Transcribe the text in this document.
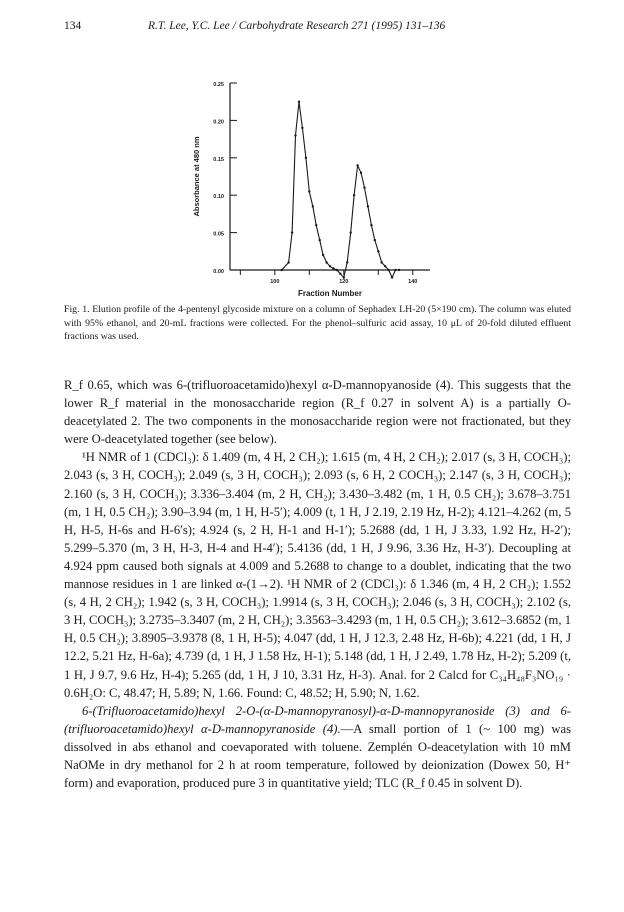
134	R.T. Lee, Y.C. Lee / Carbohydrate Research 271 (1995) 131–136
0.00
0.05
0.10
0.15
0.20
0.25
100	120	140
Absorbance at 480 nm
Fraction Number
Fig. 1. Elution profile of the 4-pentenyl glycoside mixture on a column of Sephadex LH-20 (5×190 cm). The column was eluted with 95% ethanol, and 20-mL fractions were collected. For the phenol–sulfuric acid assay, 10 μL of 20-fold diluted effluent fractions was used.

R_f 0.65, which was 6-(trifluoroacetamido)hexyl α-D-mannopyanoside (4). This suggests that the lower R_f material in the monosaccharide region (R_f 0.27 in solvent A) is a partially O-deacetylated 2. The two components in the monosaccharide region were not fractionated, but they were O-deacetylated together (see below).

¹H NMR of 1 (CDCl₃): δ 1.409 (m, 4 H, 2 CH₂); 1.615 (m, 4 H, 2 CH₂); 2.017 (s, 3 H, COCH₃); 2.043 (s, 3 H, COCH₃); 2.049 (s, 3 H, COCH₃); 2.093 (s, 6 H, 2 COCH₃); 2.147 (s, 3 H, COCH₃); 2.160 (s, 3 H, COCH₃); 3.336–3.404 (m, 2 H, CH₂); 3.430–3.482 (m, 1 H, 0.5 CH₂); 3.678–3.751 (m, 1 H, 0.5 CH₂); 3.90–3.94 (m, 1 H, H-5′); 4.009 (t, 1 H, J 2.19, 2.19 Hz, H-2); 4.121–4.262 (m, 5 H, H-5, H-6s and H-6′s); 4.924 (s, 2 H, H-1 and H-1′); 5.2688 (dd, 1 H, J 3.33, 1.92 Hz, H-2′); 5.299–5.370 (m, 3 H, H-3, H-4 and H-4′); 5.4136 (dd, 1 H, J 9.96, 3.36 Hz, H-3′). Decoupling at 4.924 ppm caused both signals at 4.009 and 5.2688 to change to a doublet, indicating that the two mannose residues in 1 are linked α-(1→2). ¹H NMR of 2 (CDCl₃): δ 1.346 (m, 4 H, 2 CH₂); 1.552 (s, 4 H, 2 CH₂); 1.942 (s, 3 H, COCH₃); 1.9914 (s, 3 H, COCH₃); 2.046 (s, 3 H, COCH₃); 2.102 (s, 3 H, COCH₃); 3.2735–3.3407 (m, 2 H, CH₂); 3.3563–3.4293 (m, 1 H, 0.5 CH₂); 3.612–3.6852 (m, 1 H, 0.5 CH₂); 3.8905–3.9378 (8, 1 H, H-5); 4.047 (dd, 1 H, J 12.3, 2.48 Hz, H-6b); 4.221 (dd, 1 H, J 12.2, 5.21 Hz, H-6a); 4.739 (d, 1 H, J 1.58 Hz, H-1); 5.148 (dd, 1 H, J 2.49, 1.78 Hz, H-2); 5.209 (t, 1 H, J 9.7, 9.6 Hz, H-4); 5.265 (dd, 1 H, J 10, 3.31 Hz, H-3). Anal. for 2 Calcd for C₃₄H₄₈F₃NO₁₉ · 0.6H₂O: C, 48.47; H, 5.89; N, 1.66. Found: C, 48.52; H, 5.90; N, 1.62.

6-(Trifluoroacetamido)hexyl 2-O-(α-D-mannopyranosyl)-α-D-mannopyranoside (3) and 6-(trifluoroacetamido)hexyl α-D-mannopyranoside (4).—A small portion of 1 (~ 100 mg) was dissolved in abs ethanol and coevaporated with toluene. Zemplén O-deacetylation with 10 mM NaOMe in dry methanol for 2 h at room temperature, followed by deionization (Dowex 50, H⁺ form) and evaporation, produced pure 3 in quantitative yield; TLC (R_f 0.45 in solvent D).
